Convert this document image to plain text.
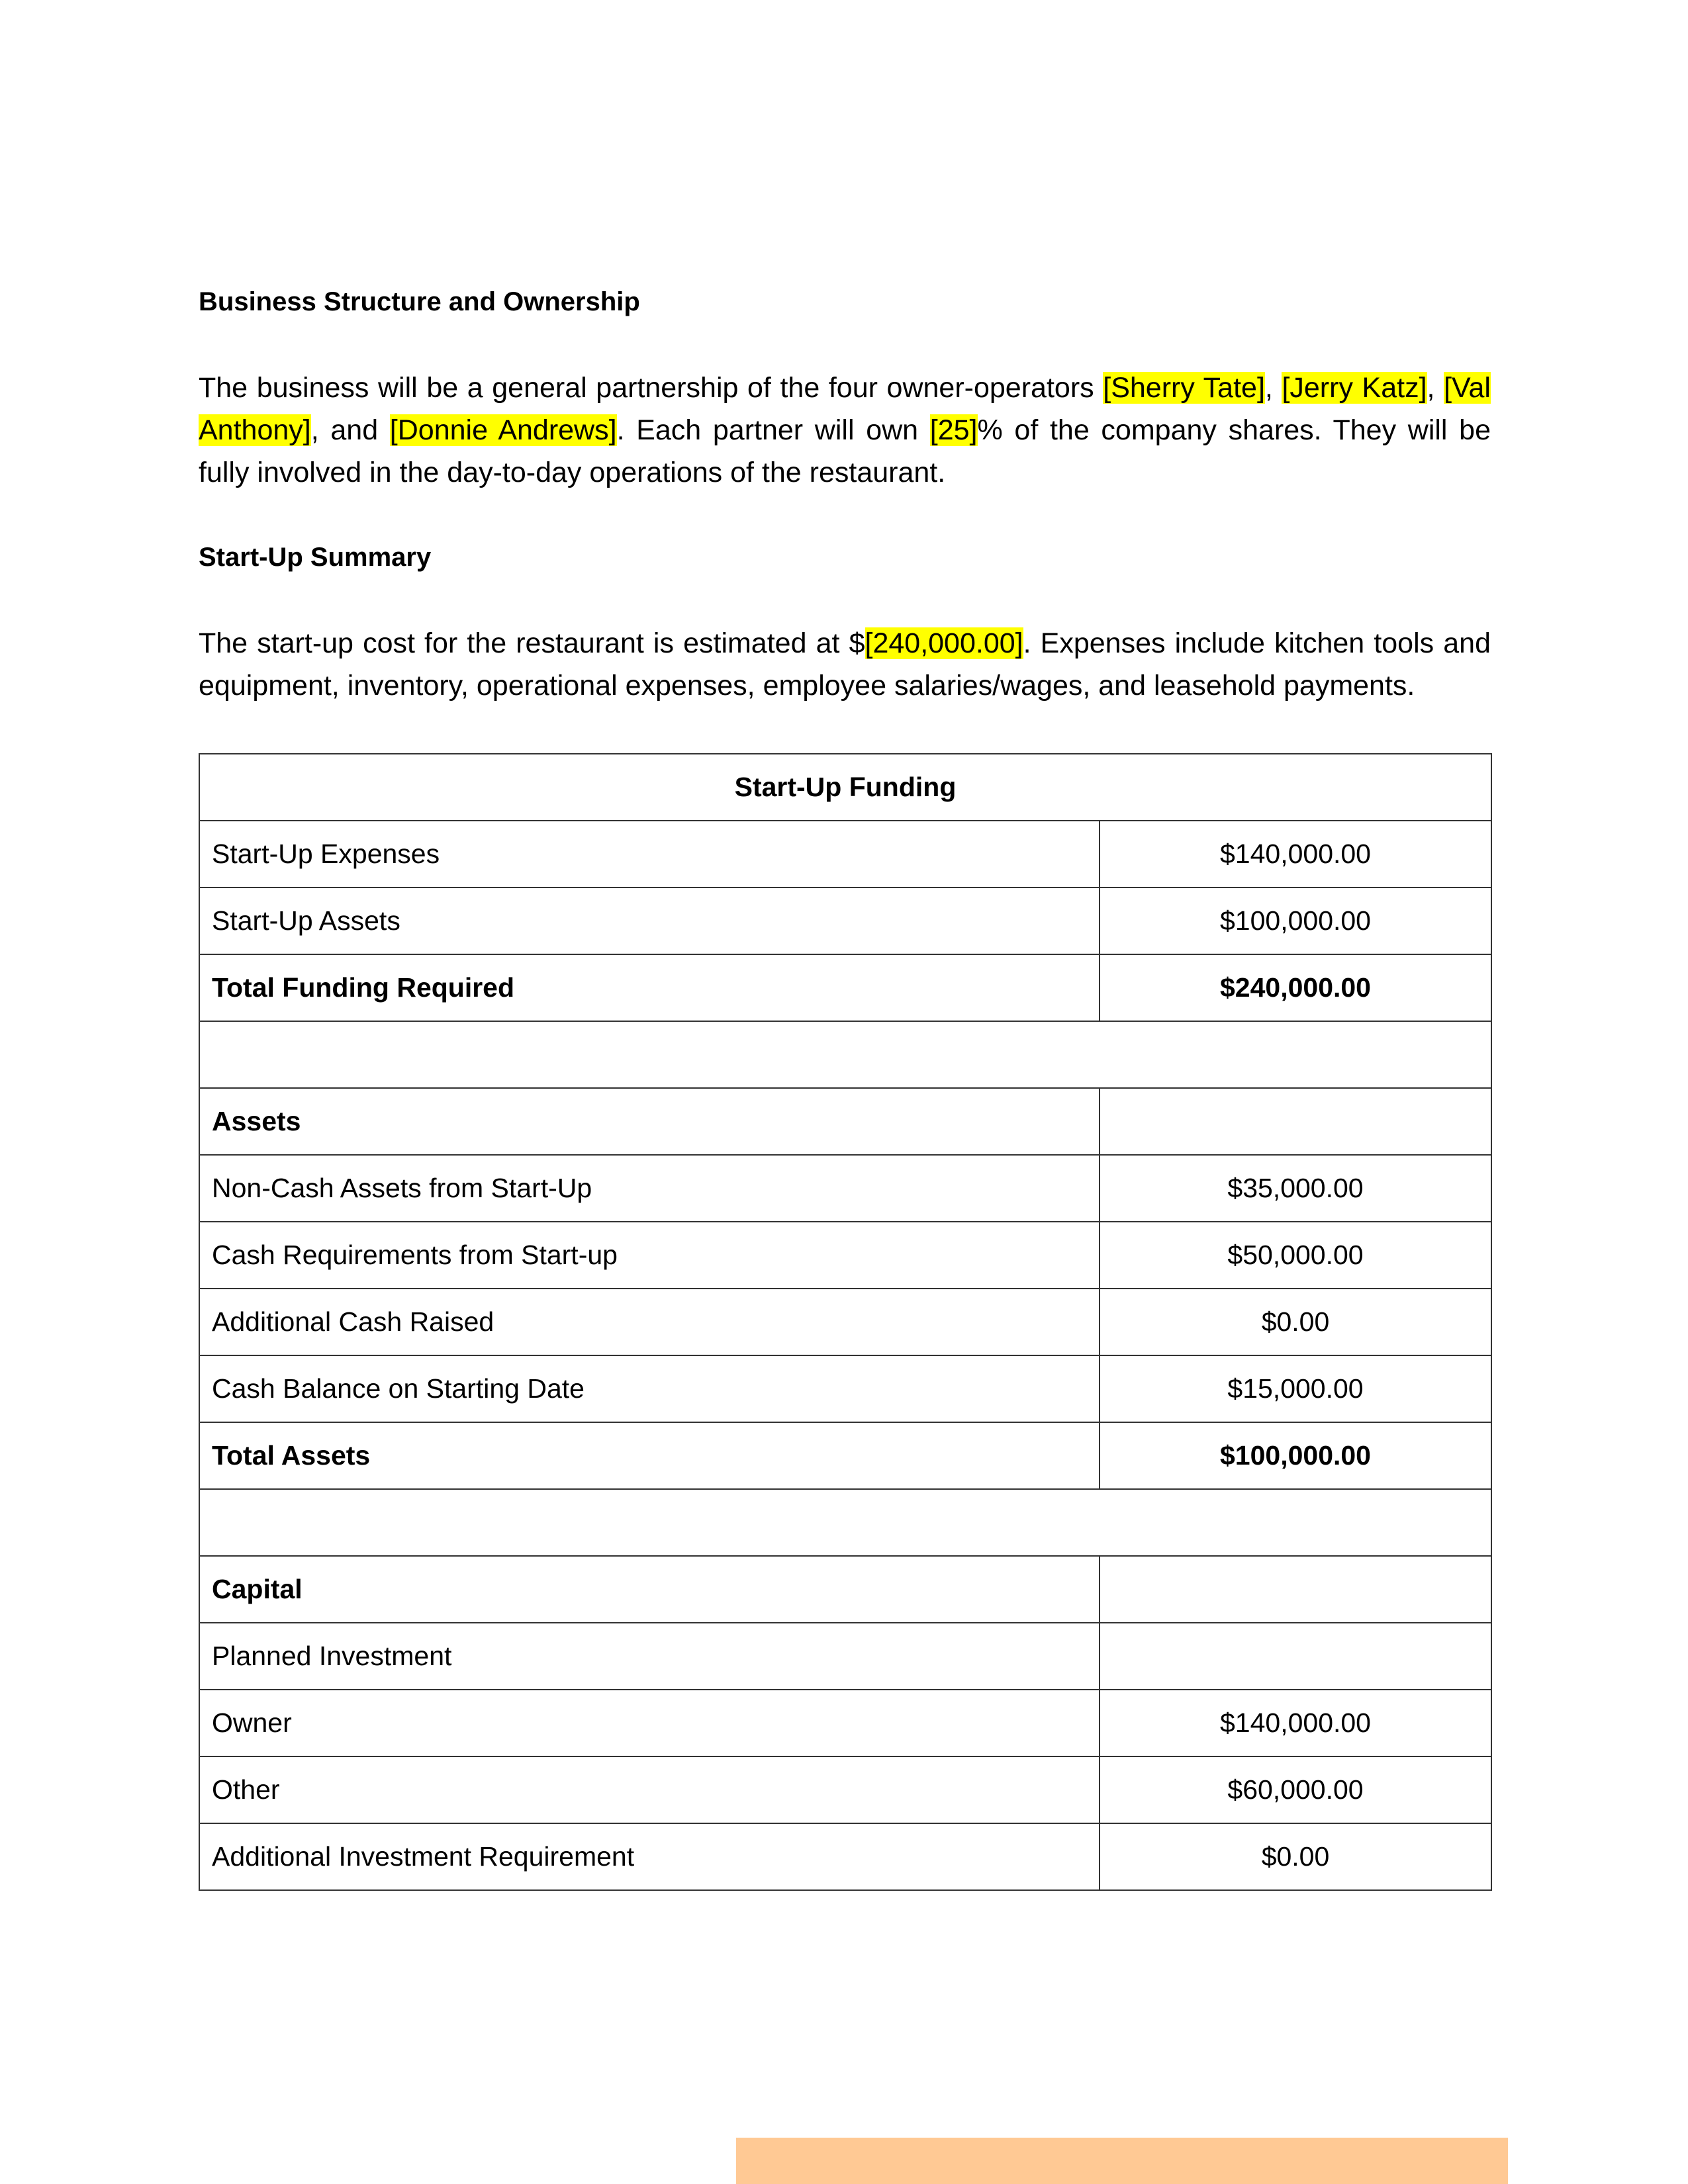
Business Structure and Ownership

The business will be a general partnership of the four owner-operators [Sherry Tate], [Jerry Katz], [Val Anthony], and [Donnie Andrews]. Each partner will own [25]% of the company shares. They will be fully involved in the day-to-day operations of the restaurant.

Start-Up Summary

The start-up cost for the restaurant is estimated at $[240,000.00]. Expenses include kitchen tools and equipment, inventory, operational expenses, employee salaries/wages, and leasehold payments.

Start-Up Funding	
Start-Up Expenses	$140,000.00
Start-Up Assets	$100,000.00
Total Funding Required	$240,000.00

Assets	
Non-Cash Assets from Start-Up	$35,000.00
Cash Requirements from Start-up	$50,000.00
Additional Cash Raised	$0.00
Cash Balance on Starting Date	$15,000.00
Total Assets	$100,000.00

Capital	
Planned Investment	
Owner	$140,000.00
Other	$60,000.00
Additional Investment Requirement	$0.00
